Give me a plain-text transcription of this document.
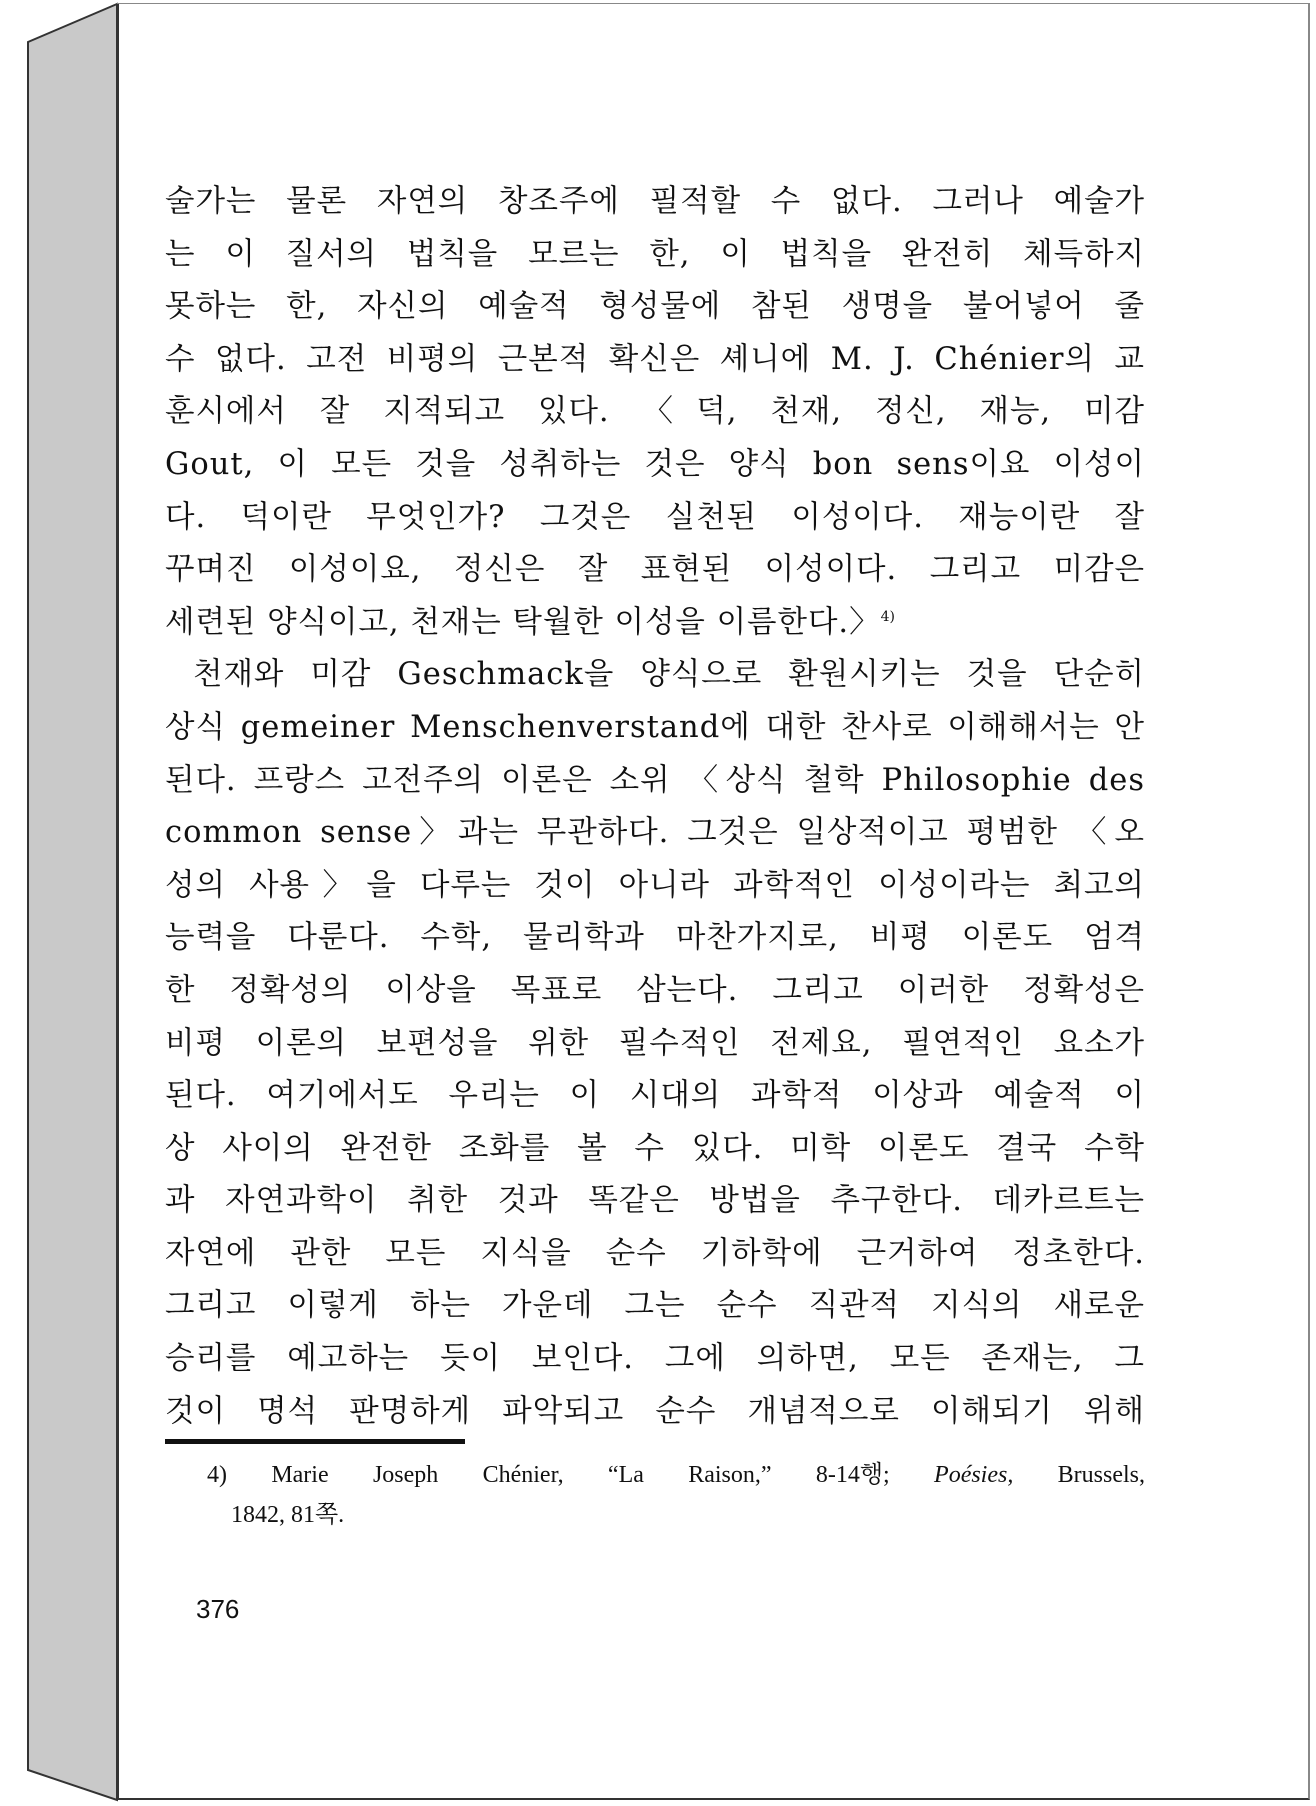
술가는 물론 자연의 창조주에 필적할 수 없다. 그러나 예술가
는 이 질서의 법칙을 모르는 한, 이 법칙을 완전히 체득하지
못하는 한, 자신의 예술적 형성물에 참된 생명을 불어넣어 줄
수 없다. 고전 비평의 근본적 확신은 셰니에 M. J. Chénier의 교
훈시에서 잘 지적되고 있다. 〈덕, 천재, 정신, 재능, 미감
Gout, 이 모든 것을 성취하는 것은 양식 bon sens이요 이성이
다. 덕이란 무엇인가? 그것은 실천된 이성이다. 재능이란 잘
꾸며진 이성이요, 정신은 잘 표현된 이성이다. 그리고 미감은
세련된 양식이고, 천재는 탁월한 이성을 이름한다.〉$^{4)}$
천재와 미감 Geschmack을 양식으로 환원시키는 것을 단순히
상식 gemeiner Menschenverstand에 대한 찬사로 이해해서는 안
된다. 프랑스 고전주의 이론은 소위 〈상식 철학 Philosophie des
common sense〉과는 무관하다. 그것은 일상적이고 평범한 〈오
성의 사용〉을 다루는 것이 아니라 과학적인 이성이라는 최고의
능력을 다룬다. 수학, 물리학과 마찬가지로, 비평 이론도 엄격
한 정확성의 이상을 목표로 삼는다. 그리고 이러한 정확성은
비평 이론의 보편성을 위한 필수적인 전제요, 필연적인 요소가
된다. 여기에서도 우리는 이 시대의 과학적 이상과 예술적 이
상 사이의 완전한 조화를 볼 수 있다. 미학 이론도 결국 수학
과 자연과학이 취한 것과 똑같은 방법을 추구한다. 데카르트는
자연에 관한 모든 지식을 순수 기하학에 근거하여 정초한다.
그리고 이렇게 하는 가운데 그는 순수 직관적 지식의 새로운
승리를 예고하는 듯이 보인다. 그에 의하면, 모든 존재는, 그
것이 명석 판명하게 파악되고 순수 개념적으로 이해되기 위해
4) Marie Joseph Chénier, “La Raison,” 8-14행; Poésies, Brussels,
1842, 81쪽.
376
